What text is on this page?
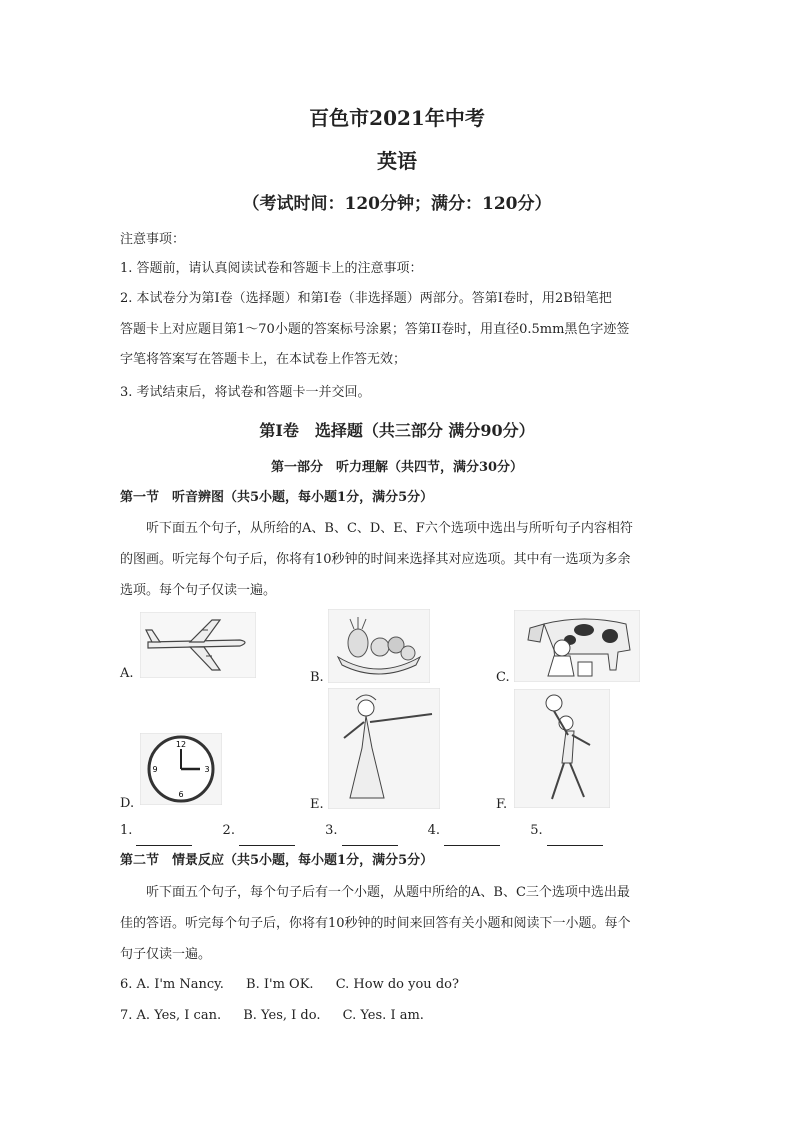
百色市2021年中考
英语
（考试时间：120分钟；满分：120分）
注意事项：
1. 答题前，请认真阅读试卷和答题卡上的注意事项：
2. 本试卷分为第Ⅰ卷（选择题）和第Ⅰ卷（非选择题）两部分。答第Ⅰ卷时，用2B铅笔把
答题卡上对应题目第1～70小题的答案标号涂累；答第II卷时，用直径0.5mm黑色字迹签
字笔将答案写在答题卡上，在本试卷上作答无效；
3. 考试结束后，将试卷和答题卡一并交回。
第Ⅰ卷　选择题（共三部分 满分90分）
第一部分　听力理解（共四节，满分30分）
第一节　听音辨图（共5小题，每小题1分，满分5分）
听下面五个句子，从所给的A、B、C、D、E、F六个选项中选出与所听句子内容相符
的图画。听完每个句子后，你将有10秒钟的时间来选择其对应选项。其中有一选项为多余
选项。每个句子仅读一遍。
A.	B.	C.
D.
12
3
6
9
E.	F.
1.	2.	3.	4.	5.
第二节　情景反应（共5小题，每小题1分，满分5分）
听下面五个句子，每个句子后有一个小题，从题中所给的A、B、C三个选项中选出最
佳的答语。听完每个句子后，你将有10秒钟的时间来回答有关小题和阅读下一小题。每个
句子仅读一遍。
6. A. I'm Nancy. B. I'm OK. C. How do you do?
7. A. Yes, I can. B. Yes, I do. C. Yes. I am.
